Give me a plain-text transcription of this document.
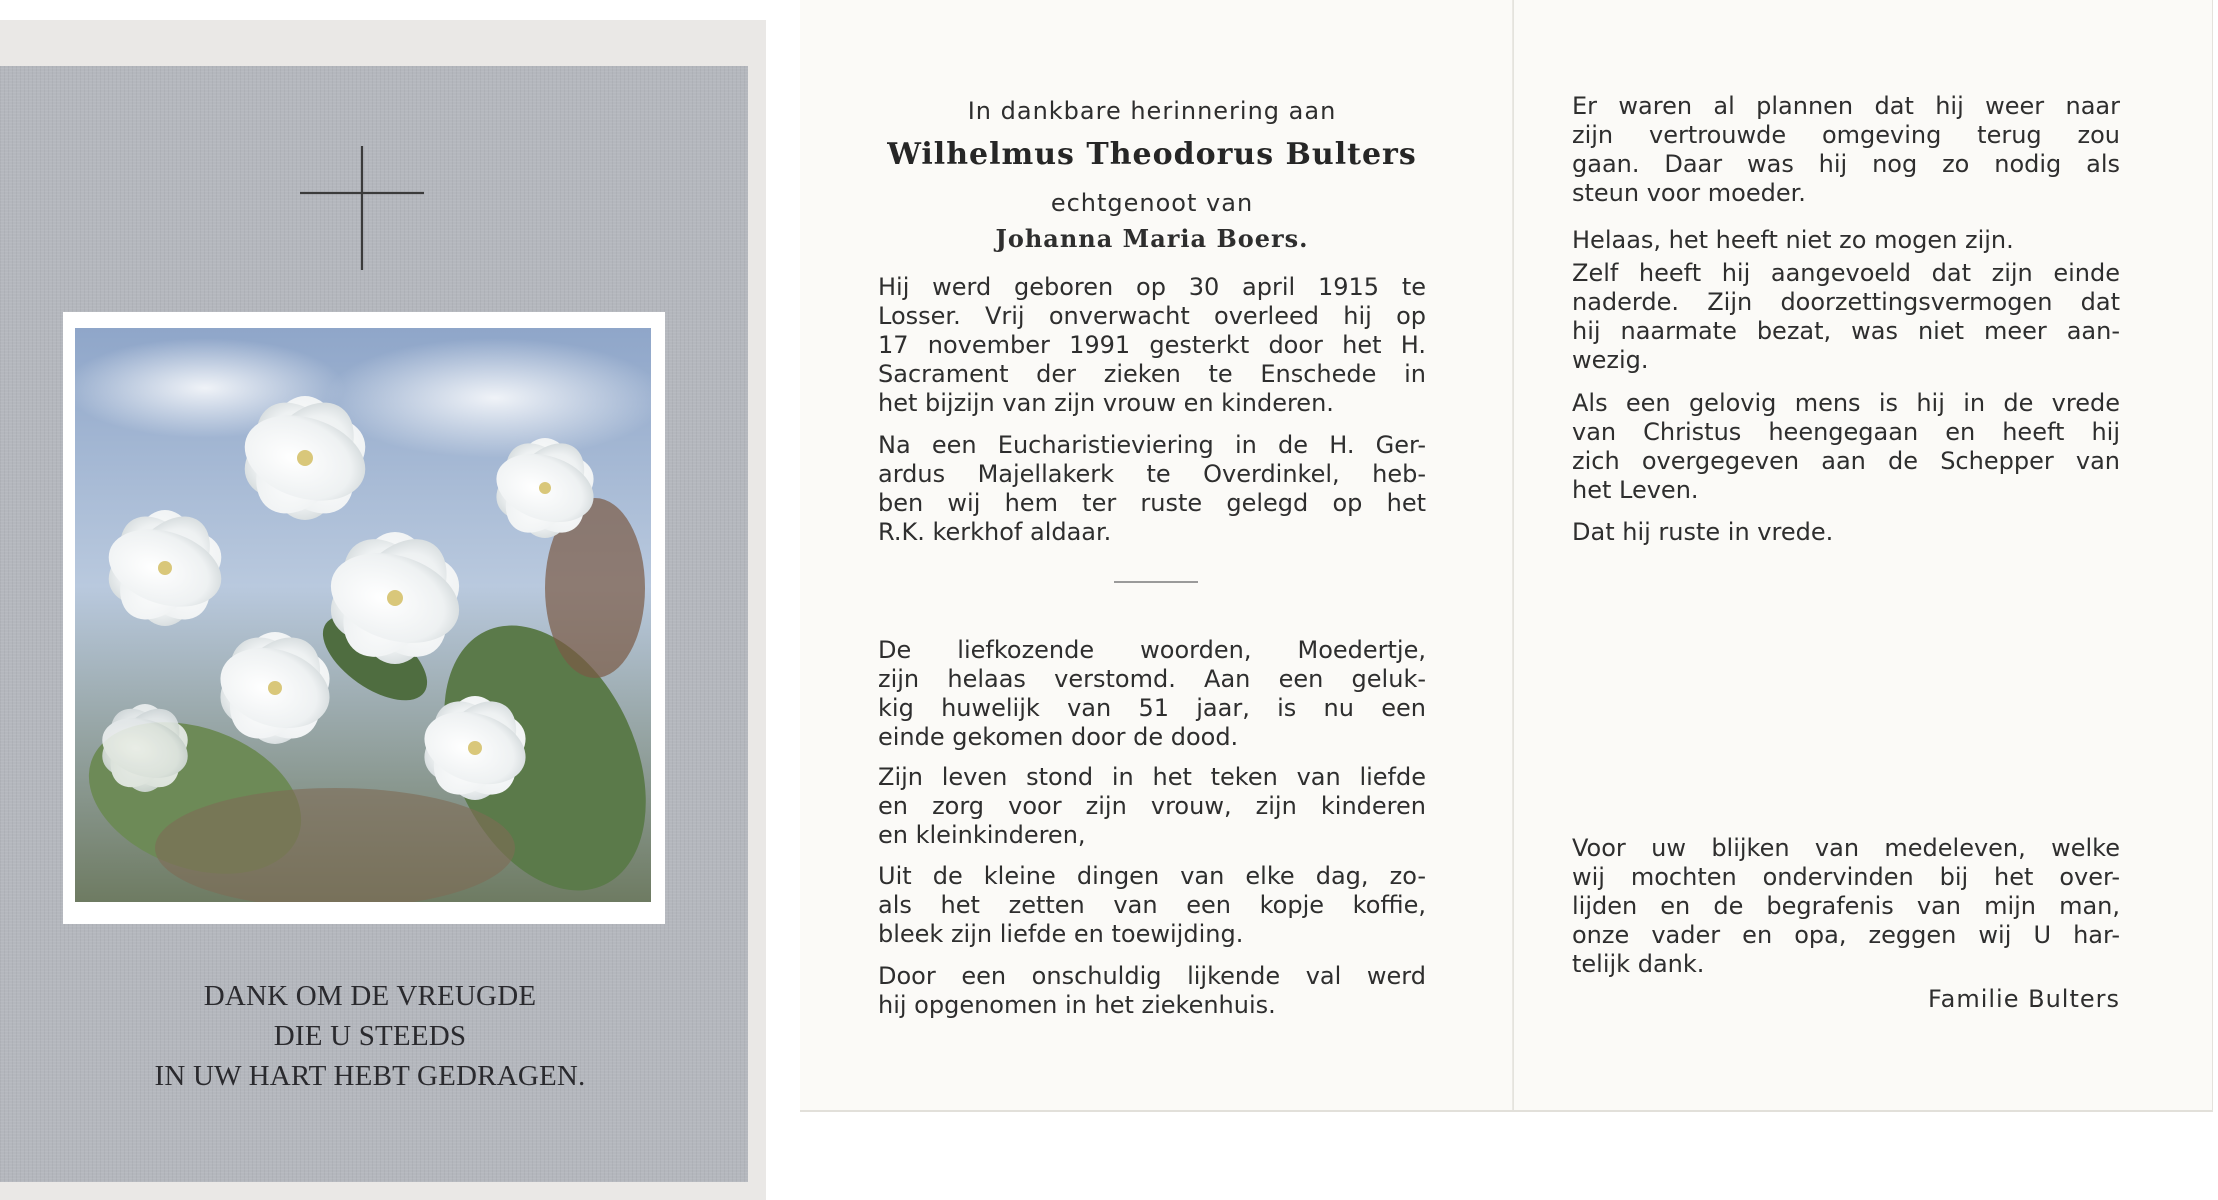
DANK OM DE VREUGDE
DIE U STEEDS
IN UW HART HEBT GEDRAGEN.
In dankbare herinnering aan
Wilhelmus Theodorus Bulters
echtgenoot van
Johanna Maria Boers.
Hij werd geboren op 30 april 1915 te
Losser. Vrij onverwacht overleed hij op
17 november 1991 gesterkt door het H.
Sacrament der zieken te Enschede in
het bijzijn van zijn vrouw en kinderen.
Na een Eucharistieviering in de H. Ger-
ardus Majellakerk te Overdinkel, heb-
ben wij hem ter ruste gelegd op het
R.K. kerkhof aldaar.
De liefkozende woorden, Moedertje,
zijn helaas verstomd. Aan een geluk-
kig huwelijk van 51 jaar, is nu een
einde gekomen door de dood.
Zijn leven stond in het teken van liefde
en zorg voor zijn vrouw, zijn kinderen
en kleinkinderen,
Uit de kleine dingen van elke dag, zo-
als het zetten van een kopje koffie,
bleek zijn liefde en toewijding.
Door een onschuldig lijkende val werd
hij opgenomen in het ziekenhuis.
Er waren al plannen dat hij weer naar
zijn vertrouwde omgeving terug zou
gaan. Daar was hij nog zo nodig als
steun voor moeder.
Helaas, het heeft niet zo mogen zijn.
Zelf heeft hij aangevoeld dat zijn einde
naderde. Zijn doorzettingsvermogen dat
hij naarmate bezat, was niet meer aan-
wezig.
Als een gelovig mens is hij in de vrede
van Christus heengegaan en heeft hij
zich overgegeven aan de Schepper van
het Leven.
Dat hij ruste in vrede.
Voor uw blijken van medeleven, welke
wij mochten ondervinden bij het over-
lijden en de begrafenis van mijn man,
onze vader en opa, zeggen wij U har-
telijk dank.
Familie Bulters
